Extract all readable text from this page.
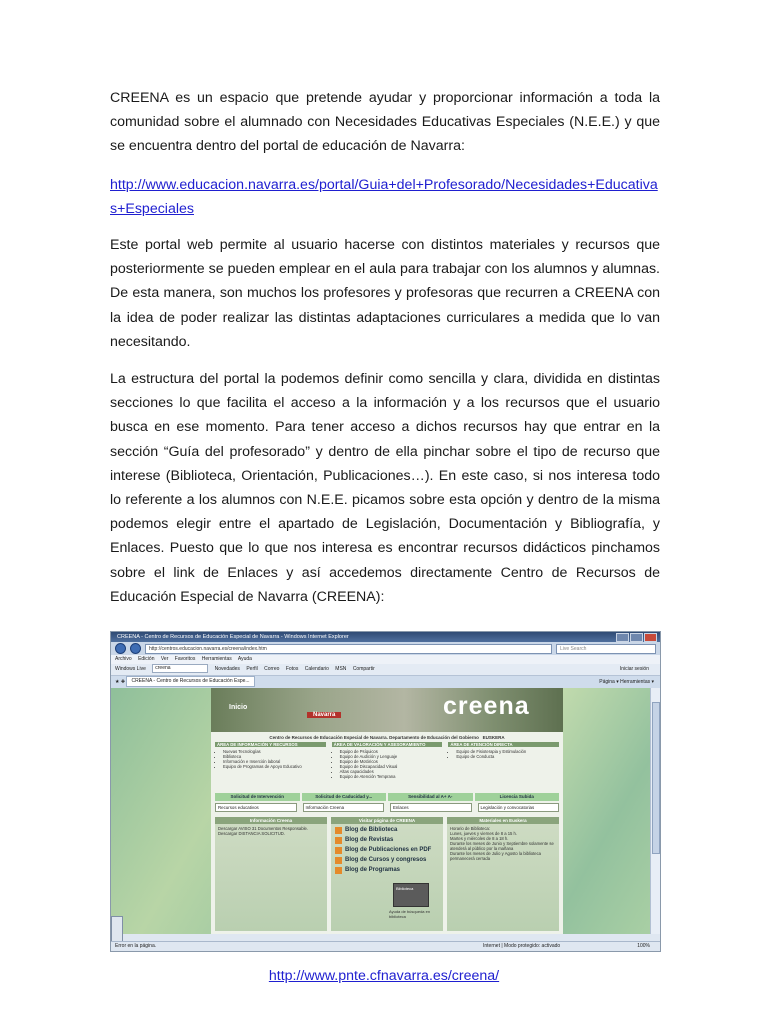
CREENA es un espacio que pretende ayudar y proporcionar información a toda la comunidad sobre el alumnado con Necesidades Educativas Especiales (N.E.E.) y que se encuentra dentro del portal de educación de Navarra:

http://www.educacion.navarra.es/portal/Guia+del+Profesorado/Necesidades+Educativas+Especiales

Este portal web permite al usuario hacerse con distintos materiales y recursos que posteriormente se pueden emplear en el aula para trabajar con los alumnos y alumnas. De esta manera, son muchos los profesores y profesoras que recurren a CREENA con la idea de poder realizar las distintas adaptaciones curriculares a medida que lo van necesitando.

La estructura del portal la podemos definir como sencilla y clara, dividida en distintas secciones lo que facilita el acceso a la información y a los recursos que el usuario busca en ese momento. Para tener acceso a dichos recursos hay que entrar en la sección “Guía del profesorado” y dentro de ella pinchar sobre el tipo de recurso que interese (Biblioteca, Orientación, Publicaciones…). En este caso, si nos interesa todo lo referente a los alumnos con N.E.E. picamos sobre esta opción y dentro de la misma podemos elegir entre el apartado de Legislación, Documentación y Bibliografía, y Enlaces. Puesto que lo que nos interesa es encontrar recursos didácticos pinchamos sobre el link de Enlaces y así accedemos directamente Centro de Recursos de Educación Especial de Navarra (CREENA):

CREENA - Centro de Recursos de Educación Especial de Navarra - Windows Internet Explorer
http://centros.educacion.navarra.es/creena/index.htm	Live Search
Archivo Edición Ver Favoritos Herramientas Ayuda
Windows Live creena	Novedades Perfil Correo Fotos Calendario MSN Compartir	Iniciar sesión
★ ✚ CREENA - Centro de Recursos de Educación Espe...	Página ▾ Herramientas ▾
Inicio
Navarra	creena
Centro de Recursos de Educación Especial de Navarra. Departamento de Educación del Gobierno EUSKERA
ÁREA DE INFORMACIÓN Y RECURSOS
• Nuevas Tecnologías
• Biblioteca
• Información e Inserción laboral
• Equipo de Programas de Apoyo Educativo
ÁREA DE VALORACIÓN Y ASESORAMIENTO
• Equipo de Psíquicos
• Equipo de Audición y Lenguaje
• Equipo de Motóricos
• Equipo de Discapacidad Visual
• Altas capacidades
• Equipo de Atención Temprana
ÁREA DE ATENCIÓN DIRECTA
• Equipo de Fisioterapia y Estimulación
• Equipo de Conducta
Solicitud de Intervención	Solicitud de Caducidad y...	Sensibilidad al A+ A-	Licencia Subida
Recursos educativos	Información Creena	Enlaces	Legislación y convocatorias
Información Creena
Descargar AVISO 31 Documentos Responsable. Descargar DISTANCIA SOLICITUD.
Visitar página de CREENA
Blog de Biblioteca
Blog de Revistas
Blog de Publicaciones en PDF
Blog de Cursos y congresos
Blog de Programas
Biblioteca
Ayuda de búsqueda en biblioteca
Materiales en Euskera
Horario de Biblioteca:
Lunes, jueves y viernes de 8 a 15 h.
Martes y miércoles de 8 a 18 h.
Durante los meses de Junio y Septiembre solamente se atenderá al público por la mañana
Durante los meses de Julio y Agosto la biblioteca permanecerá cerrada
Error en la página.	Internet | Modo protegido: activado	100%
http://www.pnte.cfnavarra.es/creena/
